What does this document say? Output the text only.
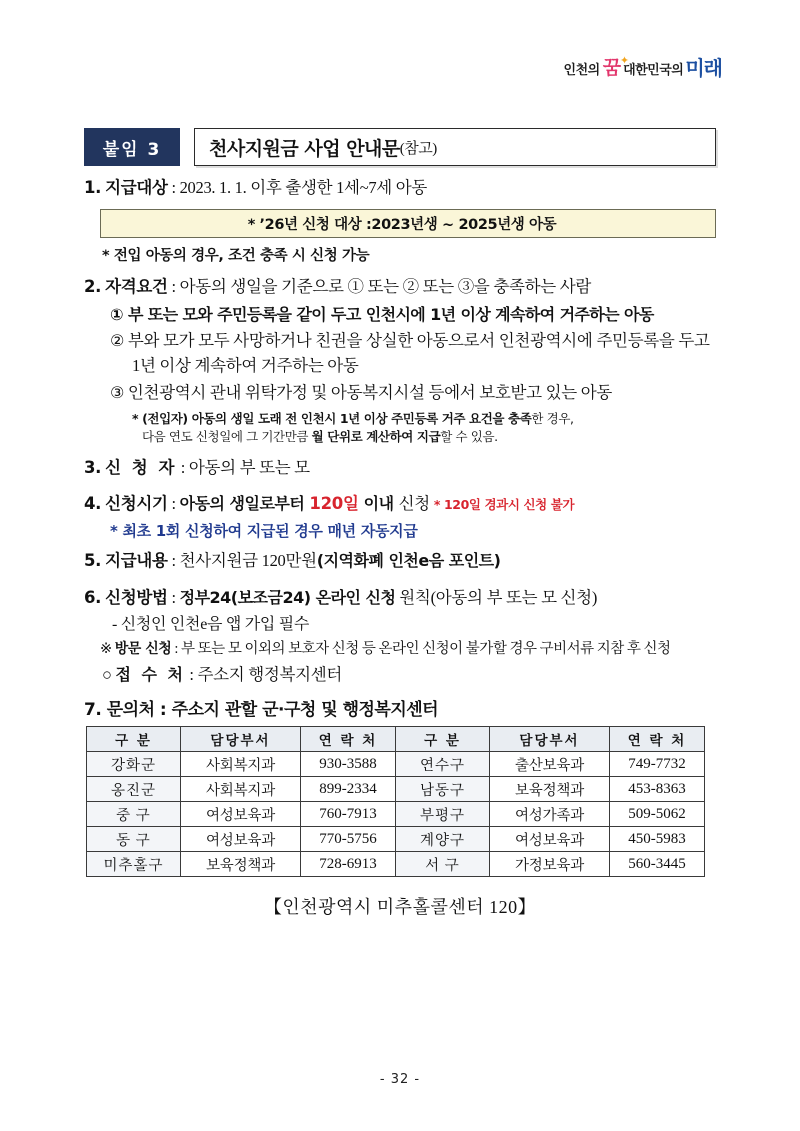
인천의 꿈 ✦
대한민국의 미래
붙임 3	천사지원금 사업 안내문 (참고)
1. 지급대상 : 2023. 1. 1. 이후 출생한 1세~7세 아동
* ’26년 신청 대상 : 2023년생 ~ 2025년생 아동
* 전입 아동의 경우, 조건 충족 시 신청 가능
2. 자격요건 : 아동의 생일을 기준으로 ① 또는 ② 또는 ③을 충족하는 사람
① 부 또는 모와 주민등록을 같이 두고 인천시에 1년 이상 계속하여 거주하는 아동
② 부와 모가 모두 사망하거나 친권을 상실한 아동으로서 인천광역시에 주민등록을 두고 1년 이상 계속하여 거주하는 아동
③ 인천광역시 관내 위탁가정 및 아동복지시설 등에서 보호받고 있는 아동
* (전입자) 아동의 생일 도래 전 인천시 1년 이상 주민등록 거주 요건을 충족한 경우,
다음 연도 신청일에 그 기간만큼 월 단위로 계산하여 지급할 수 있음.
3. 신 청 자 : 아동의 부 또는 모
4. 신청시기 : 아동의 생일로부터 120일 이내 신청 * 120일 경과시 신청 불가
* 최초 1회 신청하여 지급된 경우 매년 자동지급
5. 지급내용 : 천사지원금 120만원(지역화폐 인천e음 포인트)
6. 신청방법 : 정부24(보조금24) 온라인 신청 원칙(아동의 부 또는 모 신청)
- 신청인 인천e음 앱 가입 필수
※ 방문 신청 : 부 또는 모 이외의 보호자 신청 등 온라인 신청이 불가할 경우 구비서류 지참 후 신청
○ 접 수 처 : 주소지 행정복지센터
7. 문의처 : 주소지 관할 군·구청 및 행정복지센터
구 분	담당부서	연 락 처	구 분	담당부서	연 락 처
강화군	사회복지과	930-3588	연수구	출산보육과	749-7732
옹진군	사회복지과	899-2334	남동구	보육정책과	453-8363
중 구	여성보육과	760-7913	부평구	여성가족과	509-5062
동 구	여성보육과	770-5756	계양구	여성보육과	450-5983
미추홀구	보육정책과	728-6913	서 구	가정보육과	560-3445
【인천광역시 미추홀콜센터 120】
- 32 -
